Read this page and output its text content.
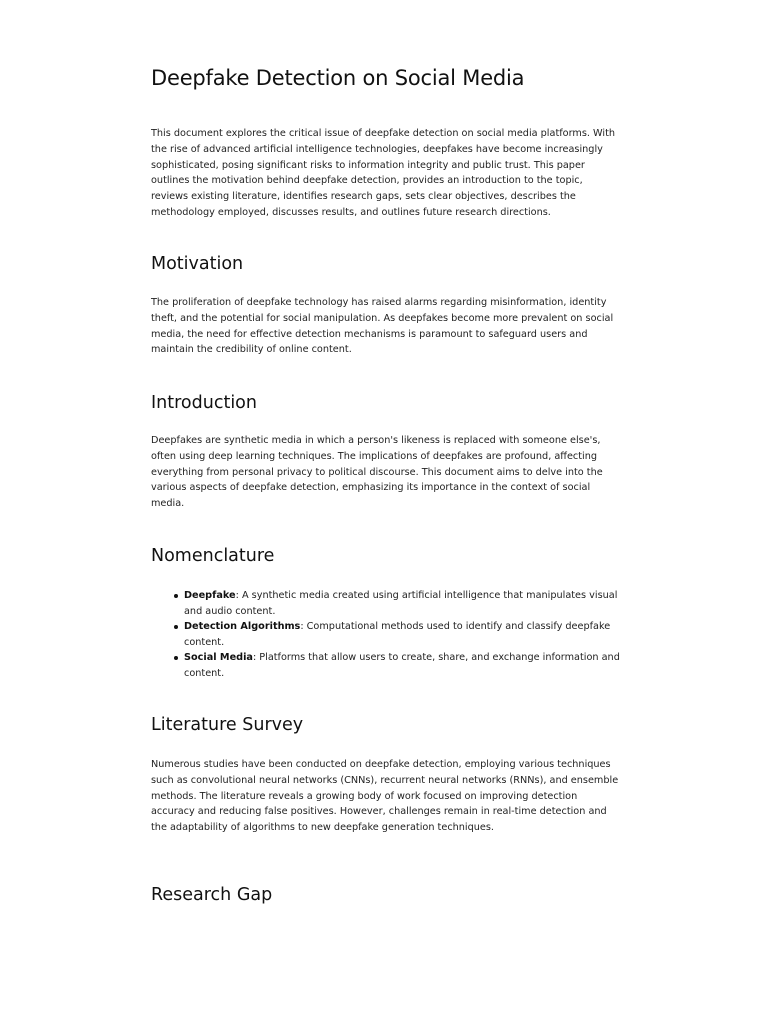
Deepfake Detection on Social Media

This document explores the critical issue of deepfake detection on social media platforms. With the rise of advanced artificial intelligence technologies, deepfakes have become increasingly sophisticated, posing significant risks to information integrity and public trust. This paper outlines the motivation behind deepfake detection, provides an introduction to the topic, reviews existing literature, identifies research gaps, sets clear objectives, describes the methodology employed, discusses results, and outlines future research directions.

Motivation

The proliferation of deepfake technology has raised alarms regarding misinformation, identity theft, and the potential for social manipulation. As deepfakes become more prevalent on social media, the need for effective detection mechanisms is paramount to safeguard users and maintain the credibility of online content.

Introduction

Deepfakes are synthetic media in which a person's likeness is replaced with someone else's, often using deep learning techniques. The implications of deepfakes are profound, affecting everything from personal privacy to political discourse. This document aims to delve into the various aspects of deepfake detection, emphasizing its importance in the context of social media.

Nomenclature
Deepfake: A synthetic media created using artificial intelligence that manipulates visual and audio content.
Detection Algorithms: Computational methods used to identify and classify deepfake content.
Social Media: Platforms that allow users to create, share, and exchange information and content.
Literature Survey

Numerous studies have been conducted on deepfake detection, employing various techniques such as convolutional neural networks (CNNs), recurrent neural networks (RNNs), and ensemble methods. The literature reveals a growing body of work focused on improving detection accuracy and reducing false positives. However, challenges remain in real-time detection and the adaptability of algorithms to new deepfake generation techniques.

Research Gap
